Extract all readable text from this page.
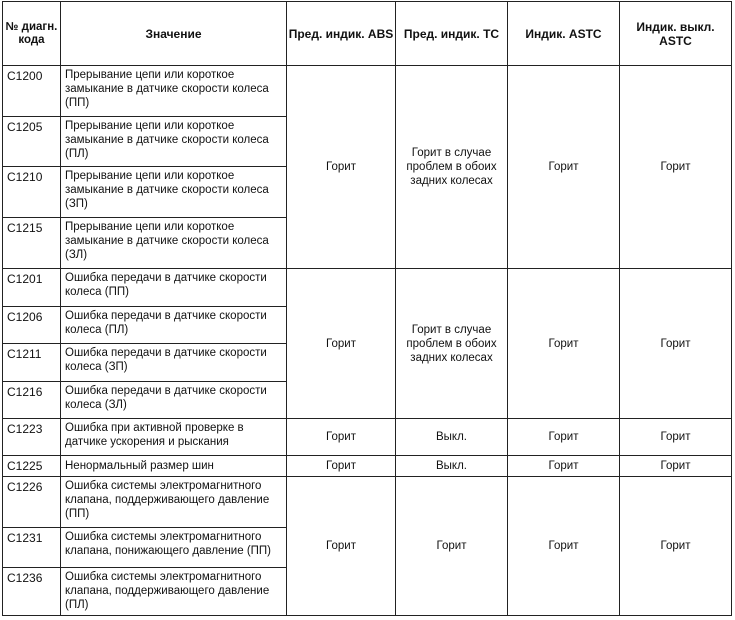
№ диагн. кода	Значение	Пред. индик. ABS	Пред. индик. TC	Индик. ASTC	Индик. выкл. ASTC
C1200	Прерывание цепи или короткое замыкание в датчике скорости колеса (ПП)	Горит	Горит в случае проблем в обоих задних колесах	Горит	Горит
C1205	Прерывание цепи или короткое замыкание в датчике скорости колеса (ПЛ)				
C1210	Прерывание цепи или короткое замыкание в датчике скорости колеса (ЗП)				
C1215	Прерывание цепи или короткое замыкание в датчике скорости колеса (ЗЛ)				
C1201	Ошибка передачи в датчике скорости колеса (ПП)	Горит	Горит в случае проблем в обоих задних колесах	Горит	Горит
C1206	Ошибка передачи в датчике скорости колеса (ПЛ)				
C1211	Ошибка передачи в датчике скорости колеса (ЗП)				
C1216	Ошибка передачи в датчике скорости колеса (ЗЛ)				
C1223	Ошибка при активной проверке в датчике ускорения и рыскания	Горит	Выкл.	Горит	Горит
C1225	Ненормальный размер шин	Горит	Выкл.	Горит	Горит
C1226	Ошибка системы электромагнитного клапана, поддерживающего давление (ПП)	Горит	Горит	Горит	Горит
C1231	Ошибка системы электромагнитного клапана, понижающего давление (ПП)				
C1236	Ошибка системы электромагнитного клапана, поддерживающего давление (ПЛ)				
